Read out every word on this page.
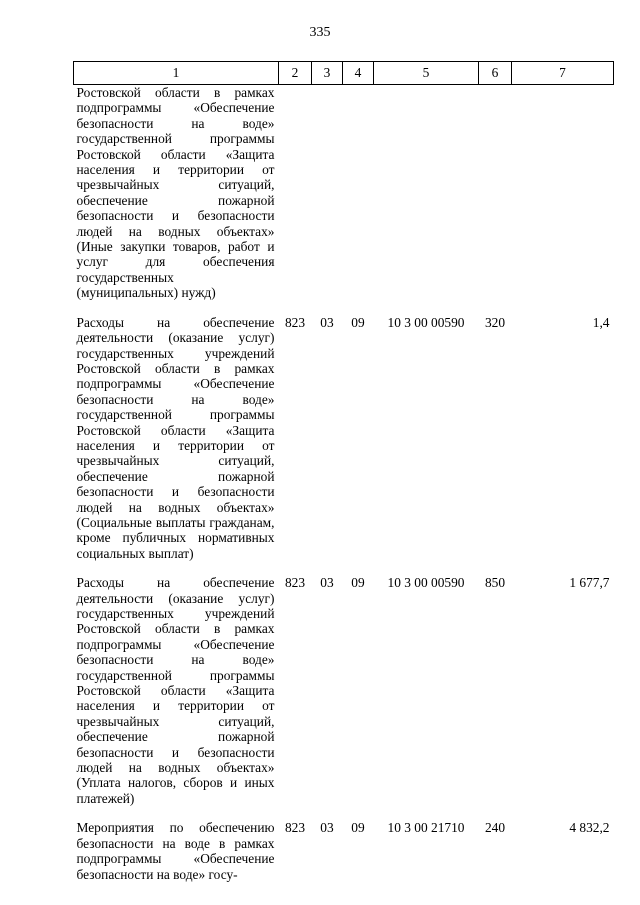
335
1	2	3	4	5	6	7
Ростовской области в рамках подпрограммы «Обеспечение безопасности на воде» государственной программы Ростовской области «Защита населения и территории от чрезвычайных ситуаций, обеспечение пожарной безопасности и безопасности людей на водных объектах» (Иные закупки товаров, работ и услуг для обеспечения государственных (муниципальных) нужд)						
Расходы на обеспечение деятельности (оказание услуг) государственных учреждений Ростовской области в рамках подпрограммы «Обеспечение безопасности на воде» государственной программы Ростовской области «Защита населения и территории от чрезвычайных ситуаций, обеспечение пожарной безопасности и безопасности людей на водных объектах» (Социальные выплаты гражданам, кроме публичных нормативных социальных выплат)	823	03	09	10 3 00 00590	320	1,4
Расходы на обеспечение деятельности (оказание услуг) государственных учреждений Ростовской области в рамках подпрограммы «Обеспечение безопасности на воде» государственной программы Ростовской области «Защита населения и территории от чрезвычайных ситуаций, обеспечение пожарной безопасности и безопасности людей на водных объектах» (Уплата налогов, сборов и иных платежей)	823	03	09	10 3 00 00590	850	1 677,7
Мероприятия по обеспечению безопасности на воде в рамках подпрограммы «Обеспечение безопасности на воде» госу-	823	03	09	10 3 00 21710	240	4 832,2
